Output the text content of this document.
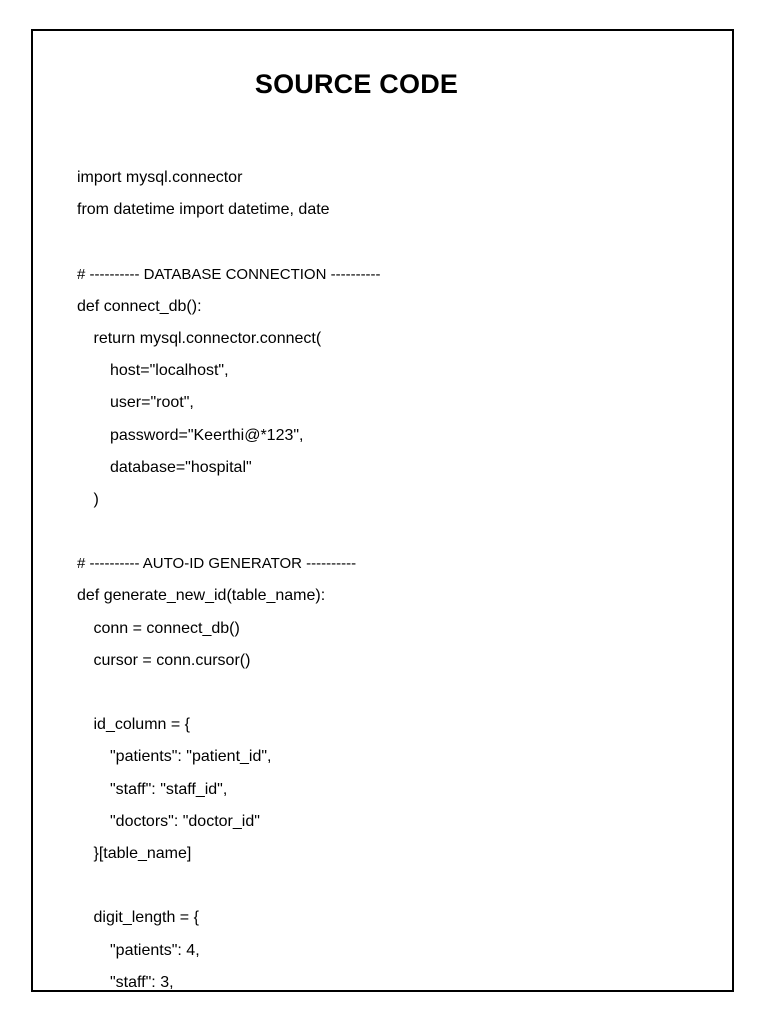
SOURCE CODE
import mysql.connector
from datetime import datetime, date
# ---------- DATABASE CONNECTION ----------
def connect_db():
return mysql.connector.connect(
host="localhost",
user="root",
password="Keerthi@*123",
database="hospital"
)
# ---------- AUTO-ID GENERATOR ----------
def generate_new_id(table_name):
conn = connect_db()
cursor = conn.cursor()
id_column = {
"patients": "patient_id",
"staff": "staff_id",
"doctors": "doctor_id"
}[table_name]
digit_length = {
"patients": 4,
"staff": 3,
